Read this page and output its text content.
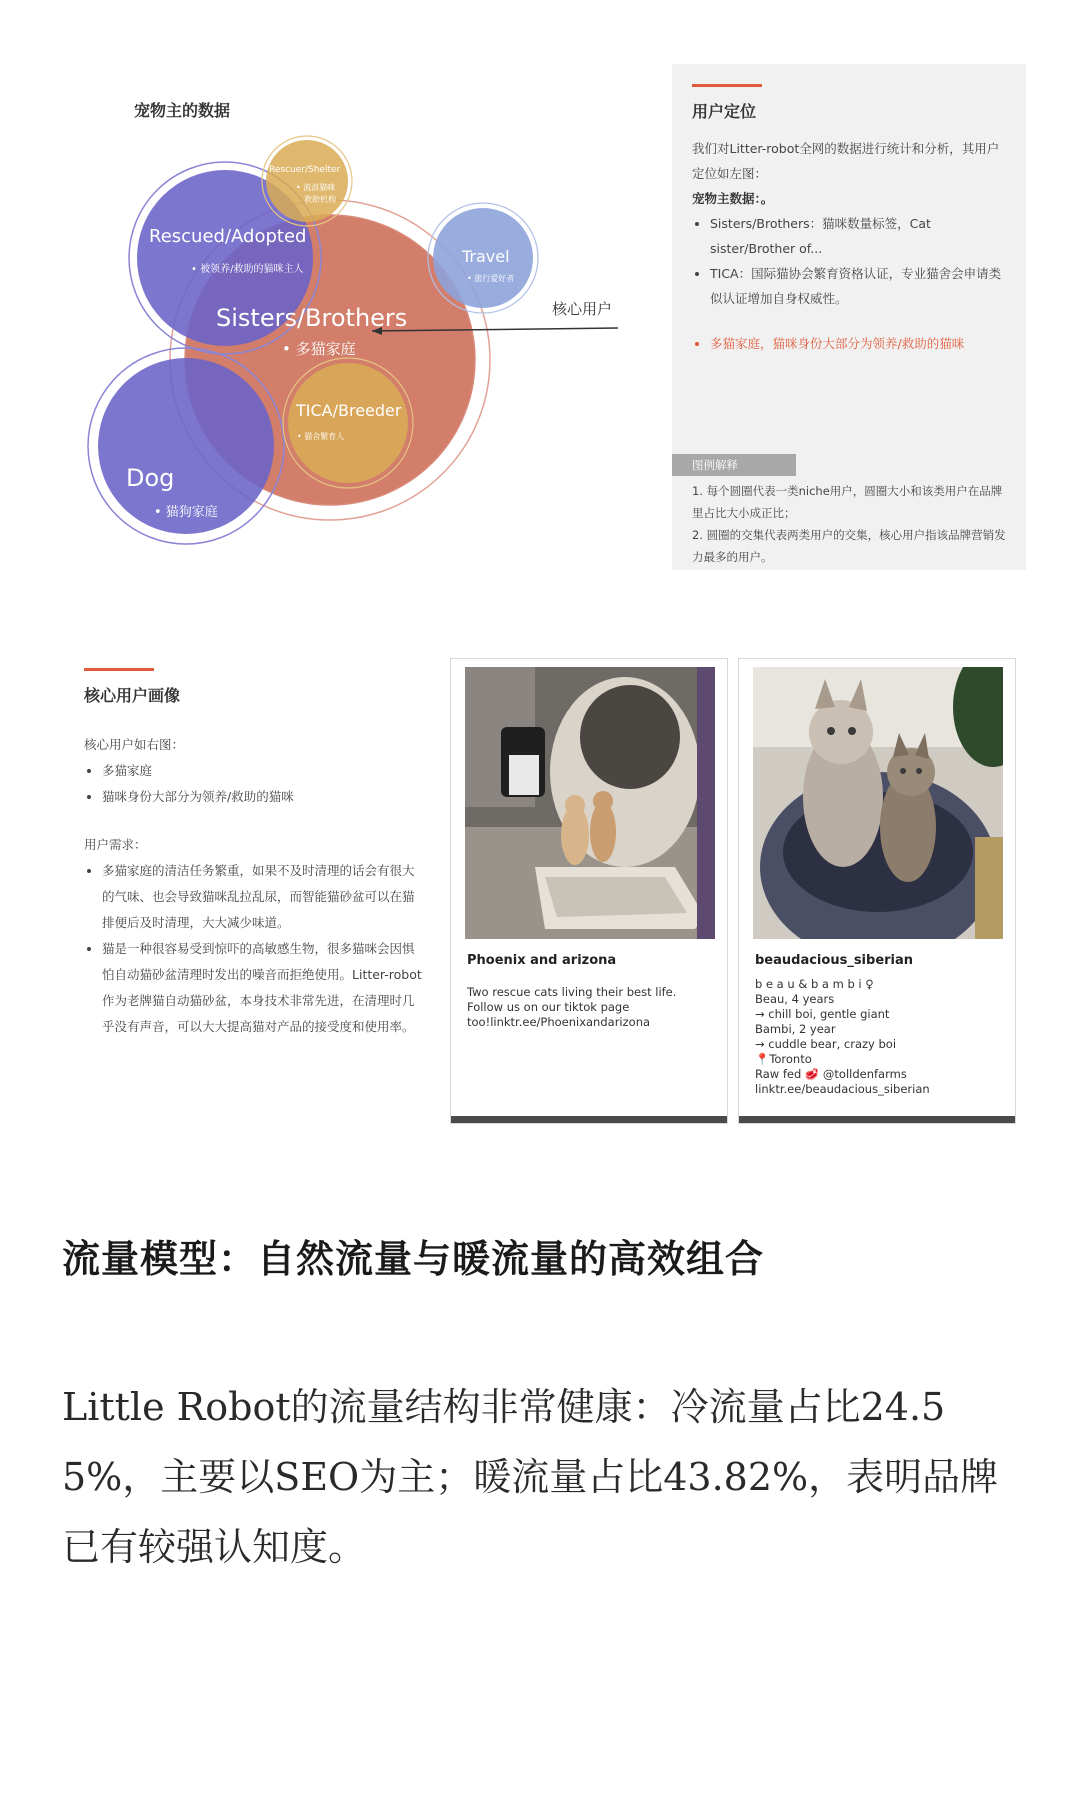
宠物主的数据
核心用户
Rescued/Adopted
• 被领养/救助的猫咪主人
Rescuer/Shelter
• 流浪猫咪
救助机构
Travel
• 旅行爱好者
Sisters/Brothers
• 多猫家庭
TICA/Breeder
• 猫舍繁育人
Dog
• 猫狗家庭
用户定位
我们对Litter-robot全网的数据进行统计和分析，其用户定位如左图：
宠物主数据：。
• Sisters/Brothers：猫咪数量标签，Cat sister/Brother of...
• TICA：国际猫协会繁育资格认证，专业猫舍会申请类似认证增加自身权威性。
• 多猫家庭，猫咪身份大部分为领养/救助的猫咪
图例解释
1. 每个圆圈代表一类niche用户，圆圈大小和该类用户在品牌里占比大小成正比；
2. 圆圈的交集代表两类用户的交集，核心用户指该品牌营销发力最多的用户。
核心用户画像
核心用户如右图：
• 多猫家庭
• 猫咪身份大部分为领养/救助的猫咪
用户需求：
• 多猫家庭的清洁任务繁重，如果不及时清理的话会有很大的气味、也会导致猫咪乱拉乱尿，而智能猫砂盆可以在猫排便后及时清理，大大减少味道。
• 猫是一种很容易受到惊吓的高敏感生物，很多猫咪会因惧怕自动猫砂盆清理时发出的噪音而拒绝使用。Litter-robot作为老牌猫自动猫砂盆，本身技术非常先进，在清理时几乎没有声音，可以大大提高猫对产品的接受度和使用率。
Phoenix and arizona
Two rescue cats living their best life.
Follow us on our tiktok page
too!linktr.ee/Phoenixandarizona
beaudacious_siberian
b e a u & b a m b i ♀
Beau, 4 years
→ chill boi, gentle giant
Bambi, 2 year
→ cuddle bear, crazy boi
📍Toronto
Raw fed 🥩 @tolldenfarms
linktr.ee/beaudacious_siberian
流量模型：自然流量与暖流量的高效组合
Little Robot的流量结构非常健康：冷流量占比24.55%，主要以SEO为主；暖流量占比43.82%，表明品牌已有较强认知度。
